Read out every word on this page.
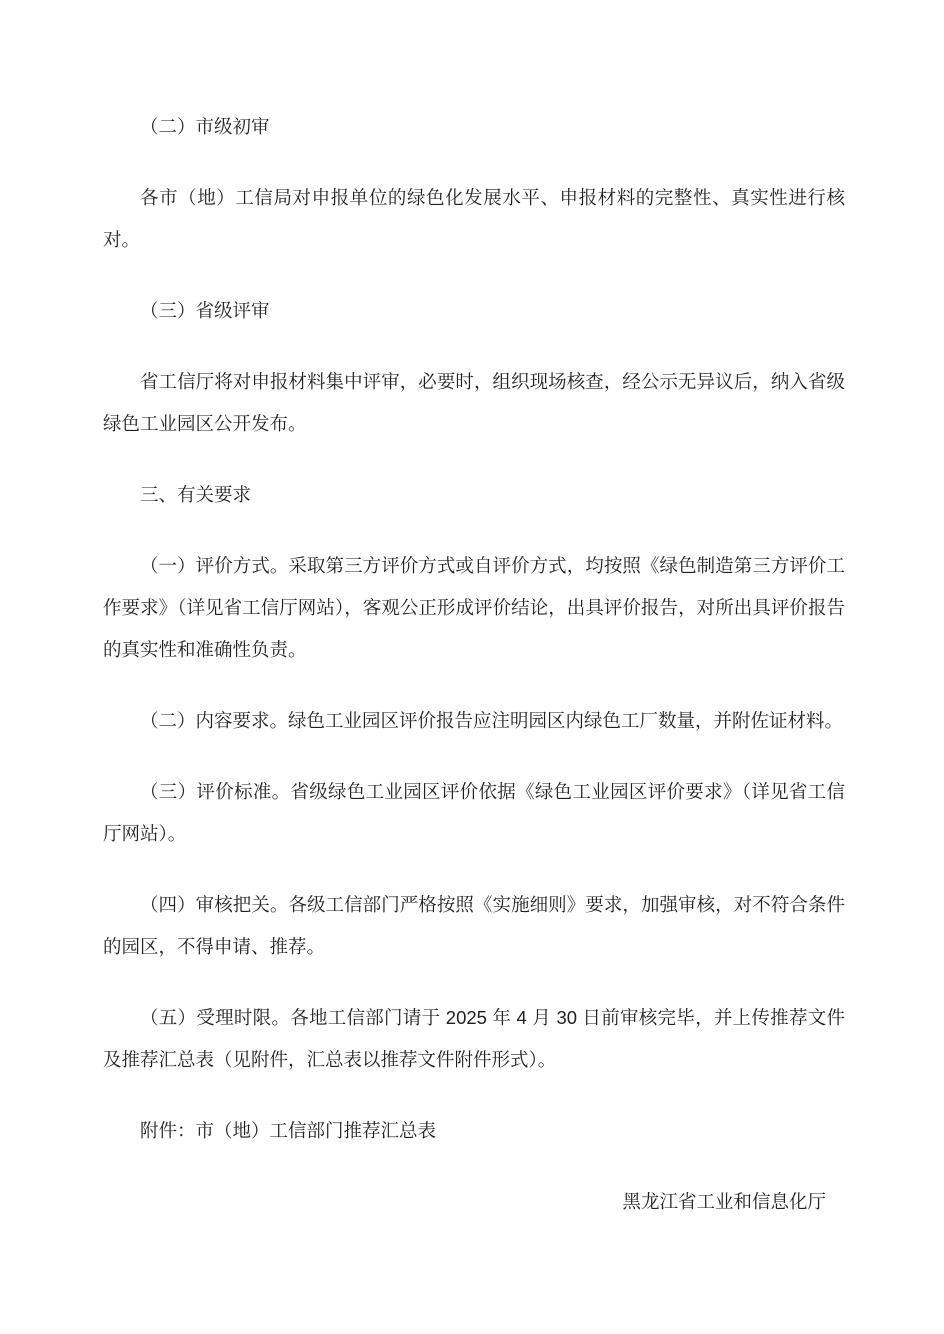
（二）市级初审

各市（地）工信局对申报单位的绿色化发展水平、申报材料的完整性、真实性进行核对。

（三）省级评审

省工信厅将对申报材料集中评审，必要时，组织现场核查，经公示无异议后，纳入省级绿色工业园区公开发布。

三、有关要求

（一）评价方式。采取第三方评价方式或自评价方式，均按照《绿色制造第三方评价工作要求》（详见省工信厅网站），客观公正形成评价结论，出具评价报告，对所出具评价报告的真实性和准确性负责。

（二）内容要求。绿色工业园区评价报告应注明园区内绿色工厂数量，并附佐证材料。

（三）评价标准。省级绿色工业园区评价依据《绿色工业园区评价要求》（详见省工信厅网站）。

（四）审核把关。各级工信部门严格按照《实施细则》要求，加强审核，对不符合条件的园区，不得申请、推荐。

（五）受理时限。各地工信部门请于 2025 年 4 月 30 日前审核完毕，并上传推荐文件及推荐汇总表（见附件，汇总表以推荐文件附件形式）。

附件：市（地）工信部门推荐汇总表

黑龙江省工业和信息化厅
